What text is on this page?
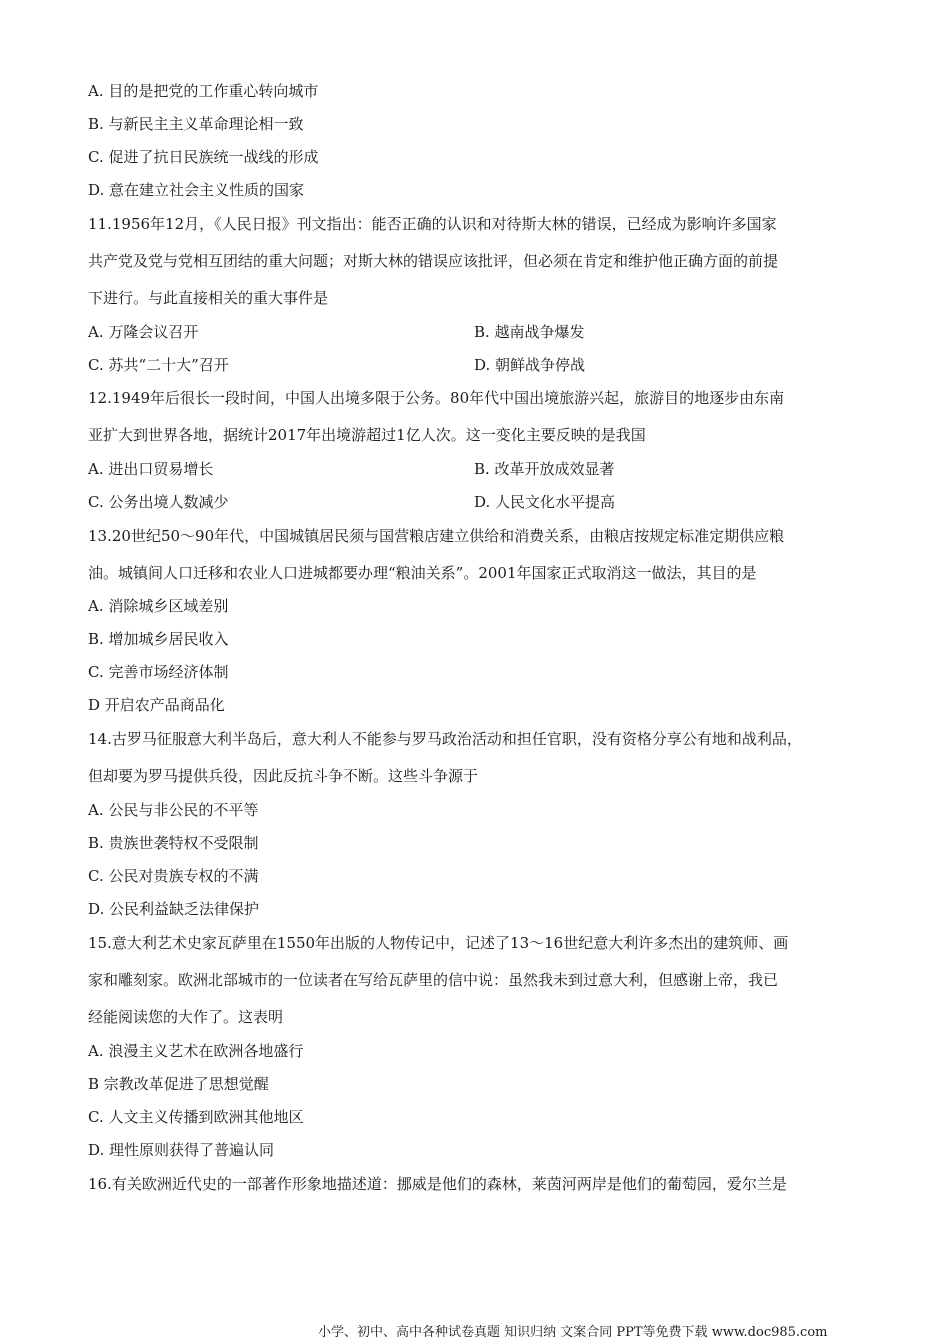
A. 目的是把党的工作重心转向城市
B. 与新民主主义革命理论相一致
C. 促进了抗日民族统一战线的形成
D. 意在建立社会主义性质的国家
11.1956年12月，《人民日报》刊文指出：能否正确的认识和对待斯大林的错误，已经成为影响许多国家
共产党及党与党相互团结的重大问题；对斯大林的错误应该批评，但必须在肯定和维护他正确方面的前提
下进行。与此直接相关的重大事件是
A. 万隆会议召开	B. 越南战争爆发
C. 苏共“二十大”召开	D. 朝鲜战争停战
12.1949年后很长一段时间，中国人出境多限于公务。80年代中国出境旅游兴起，旅游目的地逐步由东南
亚扩大到世界各地，据统计2017年出境游超过1亿人次。这一变化主要反映的是我国
A. 进出口贸易增长	B. 改革开放成效显著
C. 公务出境人数减少	D. 人民文化水平提高
13.20世纪50～90年代，中国城镇居民须与国营粮店建立供给和消费关系，由粮店按规定标准定期供应粮
油。城镇间人口迁移和农业人口进城都要办理“粮油关系”。2001年国家正式取消这一做法，其目的是
A. 消除城乡区域差别
B. 增加城乡居民收入
C. 完善市场经济体制
D 开启农产品商品化
14.古罗马征服意大利半岛后，意大利人不能参与罗马政治活动和担任官职，没有资格分享公有地和战利品，
但却要为罗马提供兵役，因此反抗斗争不断。这些斗争源于
A. 公民与非公民的不平等
B. 贵族世袭特权不受限制
C. 公民对贵族专权的不满
D. 公民利益缺乏法律保护
15.意大利艺术史家瓦萨里在1550年出版的人物传记中，记述了13～16世纪意大利许多杰出的建筑师、画
家和雕刻家。欧洲北部城市的一位读者在写给瓦萨里的信中说：虽然我未到过意大利，但感谢上帝，我已
经能阅读您的大作了。这表明
A. 浪漫主义艺术在欧洲各地盛行
B 宗教改革促进了思想觉醒
C. 人文主义传播到欧洲其他地区
D. 理性原则获得了普遍认同
16.有关欧洲近代史的一部著作形象地描述道：挪威是他们的森林，莱茵河两岸是他们的葡萄园，爱尔兰是
小学、初中、高中各种试卷真题 知识归纳 文案合同 PPT等免费下载 www.doc985.com
